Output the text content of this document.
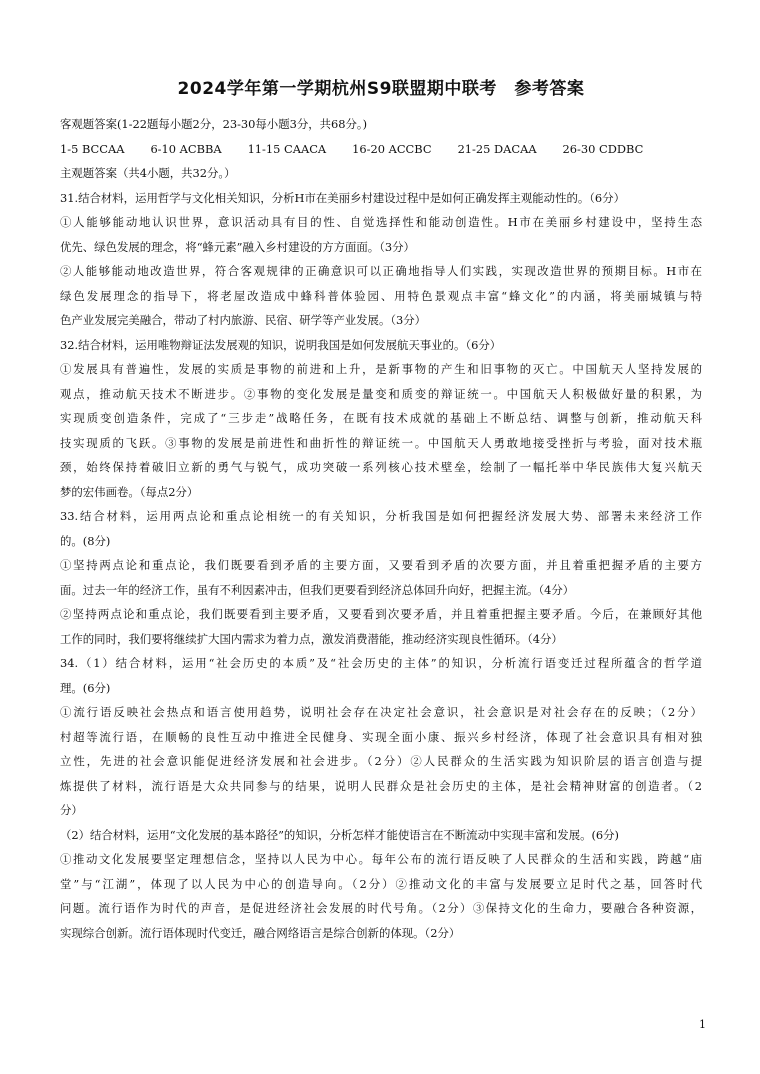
2024学年第一学期杭州S9联盟期中联考　参考答案

客观题答案(1-22题每小题2分，23-30每小题3分，共68分。)

1-5 BCCAA 6-10 ACBBA 11-15 CAACA 16-20 ACCBC 21-25 DACAA 26-30 CDDBC

主观题答案（共4小题，共32分。）

31.结合材料，运用哲学与文化相关知识，分析H市在美丽乡村建设过程中是如何正确发挥主观能动性的。（6分）

①人能够能动地认识世界，意识活动具有目的性、自觉选择性和能动创造性。H市在美丽乡村建设中，坚持生态

优先、绿色发展的理念，将“蜂元素”融入乡村建设的方方面面。（3分）

②人能够能动地改造世界，符合客观规律的正确意识可以正确地指导人们实践，实现改造世界的预期目标。H市在

绿色发展理念的指导下，将老屋改造成中蜂科普体验园、用特色景观点丰富“蜂文化”的内涵，将美丽城镇与特

色产业发展完美融合，带动了村内旅游、民宿、研学等产业发展。（3分）

32.结合材料，运用唯物辩证法发展观的知识，说明我国是如何发展航天事业的。（6分）

①发展具有普遍性，发展的实质是事物的前进和上升，是新事物的产生和旧事物的灭亡。中国航天人坚持发展的

观点，推动航天技术不断进步。②事物的变化发展是量变和质变的辩证统一。中国航天人积极做好量的积累，为

实现质变创造条件，完成了“三步走”战略任务，在既有技术成就的基础上不断总结、调整与创新，推动航天科

技实现质的飞跃。③事物的发展是前进性和曲折性的辩证统一。中国航天人勇敢地接受挫折与考验，面对技术瓶

颈，始终保持着破旧立新的勇气与锐气，成功突破一系列核心技术壁垒，绘制了一幅托举中华民族伟大复兴航天

梦的宏伟画卷。（每点2分）

33.结合材料，运用两点论和重点论相统一的有关知识，分析我国是如何把握经济发展大势、部署未来经济工作

的。(8分)

①坚持两点论和重点论，我们既要看到矛盾的主要方面，又要看到矛盾的次要方面，并且着重把握矛盾的主要方

面。过去一年的经济工作，虽有不利因素冲击，但我们更要看到经济总体回升向好，把握主流。（4分）

②坚持两点论和重点论，我们既要看到主要矛盾，又要看到次要矛盾，并且着重把握主要矛盾。今后，在兼顾好其他

工作的同时，我们要将继续扩大国内需求为着力点，激发消费潜能，推动经济实现良性循环。（4分）

34.（1）结合材料，运用“社会历史的本质”及“社会历史的主体”的知识，分析流行语变迁过程所蕴含的哲学道

理。(6分)

①流行语反映社会热点和语言使用趋势，说明社会存在决定社会意识，社会意识是对社会存在的反映；（2分）

村超等流行语，在顺畅的良性互动中推进全民健身、实现全面小康、振兴乡村经济，体现了社会意识具有相对独

立性，先进的社会意识能促进经济发展和社会进步。（2分）②人民群众的生活实践为知识阶层的语言创造与提

炼提供了材料，流行语是大众共同参与的结果，说明人民群众是社会历史的主体，是社会精神财富的创造者。（2

分）

（2）结合材料，运用“文化发展的基本路径”的知识，分析怎样才能使语言在不断流动中实现丰富和发展。(6分)

①推动文化发展要坚定理想信念，坚持以人民为中心。每年公布的流行语反映了人民群众的生活和实践，跨越“庙

堂”与“江湖”，体现了以人民为中心的创造导向。（2分）②推动文化的丰富与发展要立足时代之基，回答时代

问题。流行语作为时代的声音，是促进经济社会发展的时代号角。（2分）③保持文化的生命力，要融合各种资源，

实现综合创新。流行语体现时代变迁，融合网络语言是综合创新的体现。（2分）

1
